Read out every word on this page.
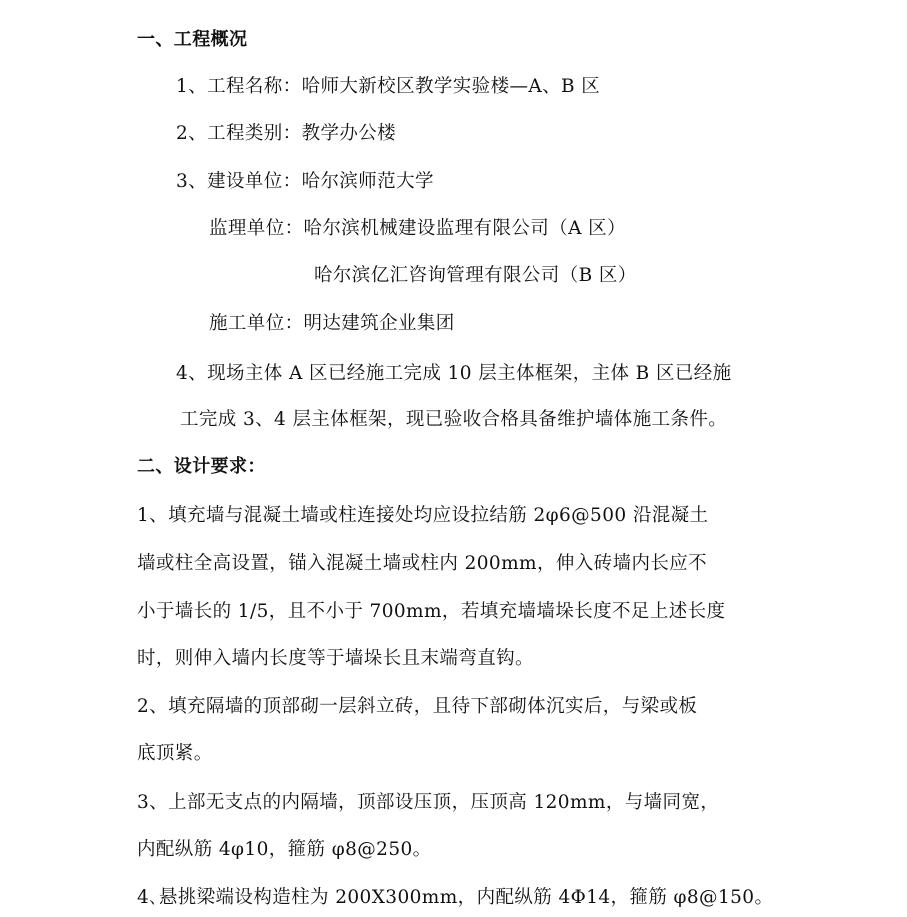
一、工程概况
1、工程名称：哈师大新校区教学实验楼—A、B 区
2、工程类别：教学办公楼
3、建设单位：哈尔滨师范大学
监理单位：哈尔滨机械建设监理有限公司（A 区）
哈尔滨亿汇咨询管理有限公司（B 区）
施工单位：明达建筑企业集团
4、现场主体 A 区已经施工完成 10 层主体框架，主体 B 区已经施
工完成 3、4 层主体框架，现已验收合格具备维护墙体施工条件。
二、设计要求：
1、填充墙与混凝土墙或柱连接处均应设拉结筋 2φ6@500 沿混凝土
墙或柱全高设置，锚入混凝土墙或柱内 200mm，伸入砖墙内长应不
小于墙长的 1/5，且不小于 700mm，若填充墙墙垛长度不足上述长度
时，则伸入墙内长度等于墙垛长且末端弯直钩。
2、填充隔墙的顶部砌一层斜立砖，且待下部砌体沉实后，与梁或板
底顶紧。
3、上部无支点的内隔墙，顶部设压顶，压顶高 120mm，与墙同宽，
内配纵筋 4φ10，箍筋 φ8@250。
4､悬挑梁端设构造柱为 200X300mm，内配纵筋 4Φ14，箍筋 φ8@150。
